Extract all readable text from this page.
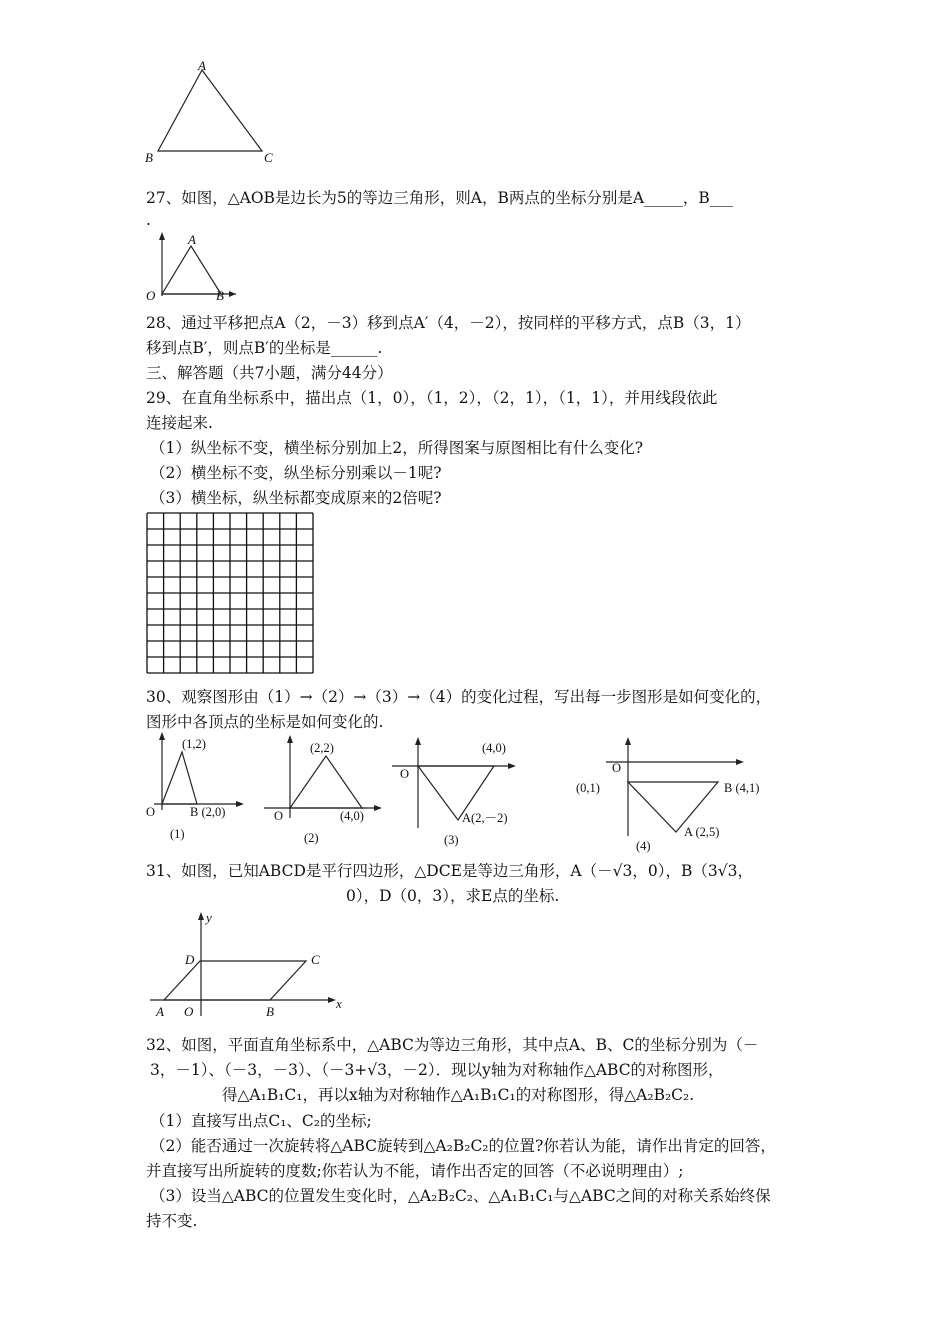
A
B	C
27、如图，△AOB是边长为5的等边三角形，则A，B两点的坐标分别是A_____，B___
.
A
O	B
28、通过平移把点A（2，－3）移到点A′（4，－2），按同样的平移方式，点B（3，1）
移到点B′，则点B′的坐标是______.
三、解答题（共7小题，满分44分）
29、在直角坐标系中，描出点（1，0），（1，2），（2，1），（1，1），并用线段依此
连接起来.
（1）纵坐标不变，横坐标分别加上2，所得图案与原图相比有什么变化?
（2）横坐标不变，纵坐标分别乘以－1呢?
（3）横坐标，纵坐标都变成原来的2倍呢?
30、观察图形由（1）→（2）→（3）→（4）的变化过程，写出每一步图形是如何变化的，
图形中各顶点的坐标是如何变化的.
(1,2)
O	B (2,0)
(1)
(2,2)
O	(4,0)
(2)
(4,0)
O
A(2,－2)
(3)
O
(0,1)	B (4,1)
A (2,5)
(4)
31、如图，已知ABCD是平行四边形，△DCE是等边三角形，A（－√3，0），B（3√3，
0），D（0，3），求E点的坐标.
y
x
D	C
A O	B
32、如图，平面直角坐标系中，△ABC为等边三角形，其中点A、B、C的坐标分别为（－
3，－1）、（－3，－3）、（－3+√3，－2）．现以y轴为对称轴作△ABC的对称图形，
得△A₁B₁C₁，再以x轴为对称轴作△A₁B₁C₁的对称图形，得△A₂B₂C₂.
（1）直接写出点C₁、C₂的坐标;
（2）能否通过一次旋转将△ABC旋转到△A₂B₂C₂的位置?你若认为能，请作出肯定的回答，
并直接写出所旋转的度数;你若认为不能，请作出否定的回答（不必说明理由）;
（3）设当△ABC的位置发生变化时，△A₂B₂C₂、△A₁B₁C₁与△ABC之间的对称关系始终保
持不变.
